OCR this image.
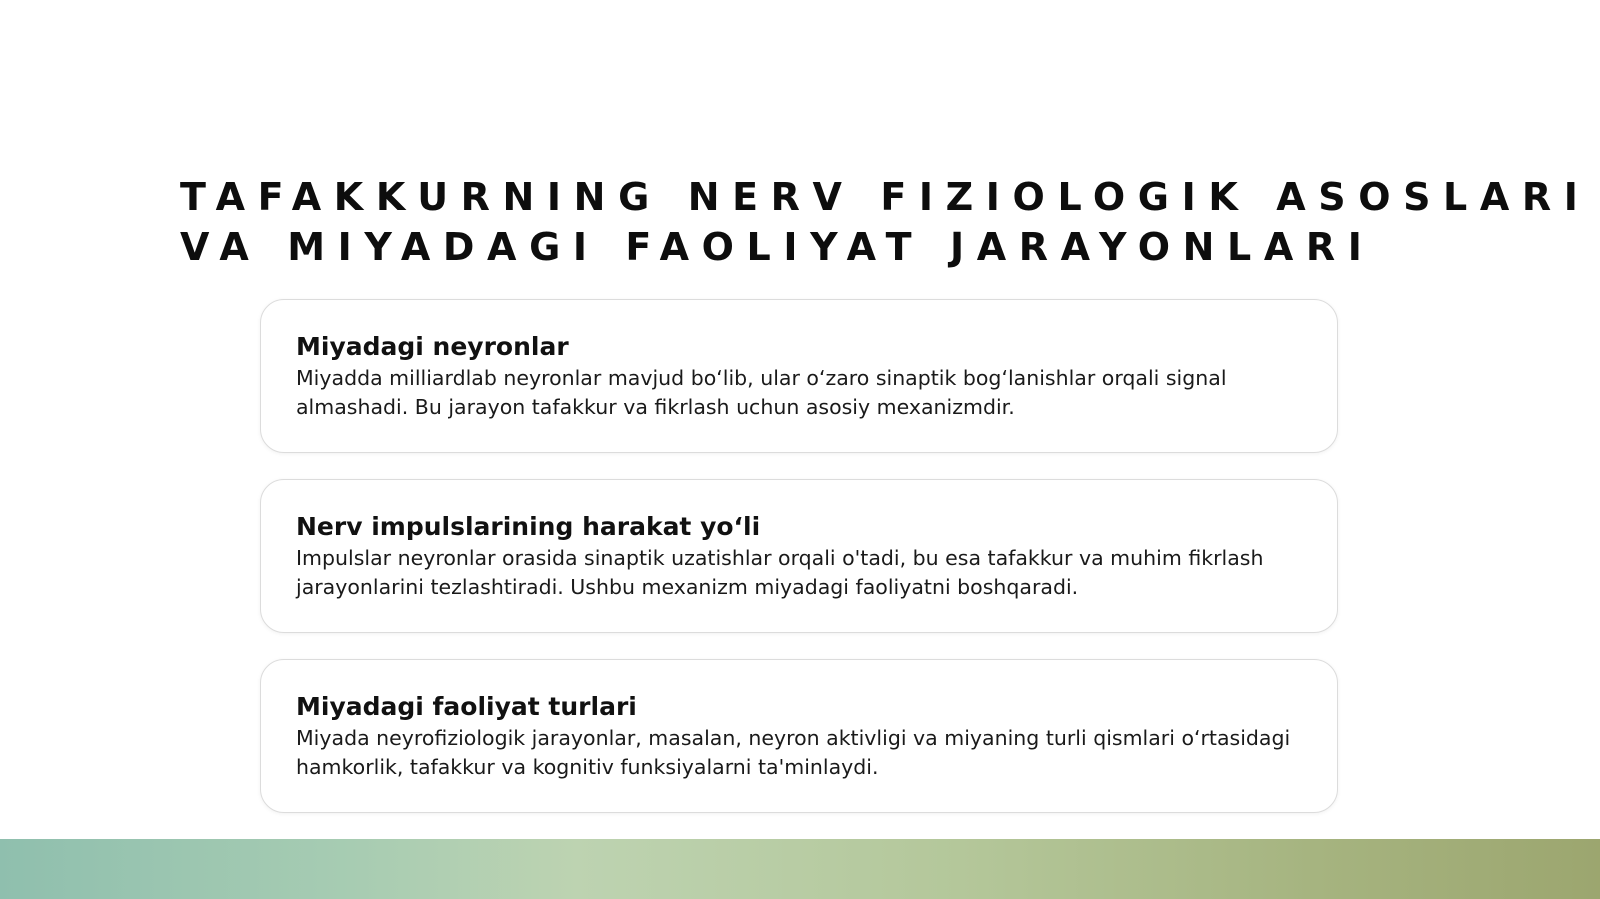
TAFAKKURNING NERV FIZIOLOGIK ASOSLARI
VA MIYADAGI FAOLIYAT JARAYONLARI
Miyadagi neyronlar

Miyadda milliardlab neyronlar mavjud bo‘lib, ular o‘zaro sinaptik bog‘lanishlar orqali signal almashadi. Bu jarayon tafakkur va fikrlash uchun asosiy mexanizmdir.

Nerv impulslarining harakat yo‘li

Impulslar neyronlar orasida sinaptik uzatishlar orqali o'tadi, bu esa tafakkur va muhim fikrlash jarayonlarini tezlashtiradi. Ushbu mexanizm miyadagi faoliyatni boshqaradi.

Miyadagi faoliyat turlari

Miyada neyrofiziologik jarayonlar, masalan, neyron aktivligi va miyaning turli qismlari o‘rtasidagi hamkorlik, tafakkur va kognitiv funksiyalarni ta'minlaydi.
